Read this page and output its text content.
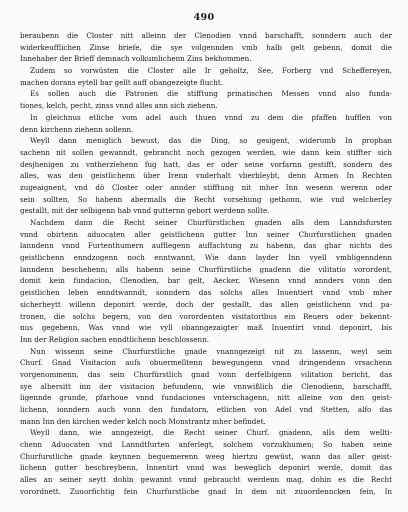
490
beraubenn die Closter nitt alleinn der Clenodien vnnd barschafft, sonndern auch der
widerkeufflichen Zinse briefe, die sye volgennden vmb halb gelt gebenn, domit die
Innehaber der Brieff demnach volkumlichenn Zins bekhommen.
Zudem so vorwüsten die Closter alle Ir geholtz, See, Forberg vnd Scheffereyen,
machen dorans eytell bar gellt auff obangezeigte flucht.
Es sollen auch die Patronen die stifftung prinatischen Messen vnnd also funda-
tiones, kelch, pecht, zinss vnnd alles ann sich ziehenn.
In gleichnus etliche vom adel auch thuen vnnd zu dem die pfaffen hufflen von
denn kirchenn ziehenn sollenn.
Weyll dann meniglich bewust, das die Ding, so gesigent, widerumb In prophan
sachenn nit sollen gewanndt, gebrancht noch gezogen werden, wie dann kein stiffter sich
desjhenigen zu vntherziehenn fug hatt, das er oder seine vorfarnn gestifft, sondern des
alles, was den geistlichenn über Irenn vnderhalt vberbleybt, denn Armen In Rechten
zugeaignent, vnd dö Closter oder annder stifftung nit mher Inn wesenn werenn oder
sein sollten, So habenn abermalls die Recht vorsehung gethonn, wie vnd welcherley
gestallt, mit der selbigenn hab vnnd gutternn gebort werdenn sollte.
Nachdem dann die Recht seiner Churfürstlichen gnaden alls dem Lanndsfursten
vnnd obirtenn aduocaten aller geistlichenn gutter Inn seiner Churfurstlichen gnaden
lanndenn vnnd Furtenthumern aufflegenn auffachtung zu habenn, das ghar nichts des
geistlichenn enndzogenn noch enntwannt, Wie dann layder Inn vyell vmbligenndenn
lanndenn beschehenn; alls habenn seine Churfürstliche gnadenn die vilitatio vorordent,
domit kein fundacion, Clenodien, bar gelt, Aecker, Wiesenn vnnd annders vonn den
geistlichen leben enndtwanndt, sonndern das solchs alles Inuentiert vnnd vmb mher
sicherheytt willenn deponirt werde, doch der gestallt, das allen geistlichenn vnd pa-
tronen, die solchs begern, von den vorordenten visitatoribus ein Reuers oder bekennt-
nus gegebenn, Was vnnd wie vyll obanngezaigter maß Inuentirt vnnd deponirt, bis
Inn der Religion sachen enndtlichenn beschlossenn.
Nun wissenn seine Churfurstliche gnade vnanngezeigt nit zu lassenn, weyl sein
Churf. Gnad Visitacion aufs obuermelltenn bewegungenn vnnd dringendenn vrsachenn
vorgenommenn, das sein Churfürstlich gnad vonn derfelbigenn vilitation bericht, das
sye albersitt inn der visitacion befundenn, wie vnnwißlich die Clenodienn, barschafft,
ligennde grunde, pfarhoue vnnd fundaciones vnterschagenn, nitt alleine von den geist-
lichenn, ionndern auch vonn den fundatorn, etlichen von Adel vnd Stetten, alfo das
mann Inn den kirchen weder kelch noch Monstrantz mher befindet.
Weyll dann, wie anngezeigt, die Recht seiner Churf. gnadenn, alls dem wellti-
chenn Aduocaten vnd Lanndtfurten anferlegt, solchem vorzukhumen; So haben seine
Churfurstliche gnade keynnen bequemerenn weeg hiertzu gewüst, wann das aller geist-
lichenn gutter beschreybenn, Innentirt vnnd was beweglich deponirt werde, domit das
alles an seiner seytt dohin gewannt vnnd gebraucht werdenn mag, dohin es die Recht
vorordnett. Zuuorfichtig fein Churfurstliche gnad In dem nit zuuordenncken fein, In
